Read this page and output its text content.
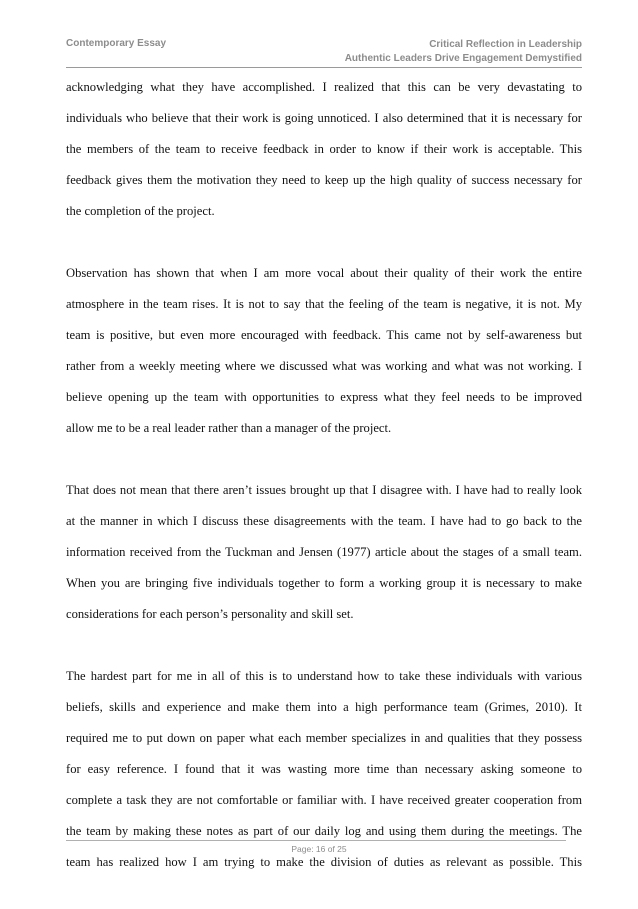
Contemporary Essay	Critical Reflection in Leadership
Authentic Leaders Drive Engagement Demystified

acknowledging what they have accomplished. I realized that this can be very devastating to

individuals who believe that their work is going unnoticed. I also determined that it is necessary for

the members of the team to receive feedback in order to know if their work is acceptable. This

feedback gives them the motivation they need to keep up the high quality of success necessary for

the completion of the project.

Observation has shown that when I am more vocal about their quality of their work the entire

atmosphere in the team rises. It is not to say that the feeling of the team is negative, it is not. My

team is positive, but even more encouraged with feedback. This came not by self-awareness but

rather from a weekly meeting where we discussed what was working and what was not working. I

believe opening up the team with opportunities to express what they feel needs to be improved

allow me to be a real leader rather than a manager of the project.

That does not mean that there aren’t issues brought up that I disagree with. I have had to really look

at the manner in which I discuss these disagreements with the team. I have had to go back to the

information received from the Tuckman and Jensen (1977) article about the stages of a small team.

When you are bringing five individuals together to form a working group it is necessary to make

considerations for each person’s personality and skill set.

The hardest part for me in all of this is to understand how to take these individuals with various

beliefs, skills and experience and make them into a high performance team (Grimes, 2010). It

required me to put down on paper what each member specializes in and qualities that they possess

for easy reference. I found that it was wasting more time than necessary asking someone to

complete a task they are not comfortable or familiar with. I have received greater cooperation from

the team by making these notes as part of our daily log and using them during the meetings. The

team has realized how I am trying to make the division of duties as relevant as possible. This

Page: 16 of 25
